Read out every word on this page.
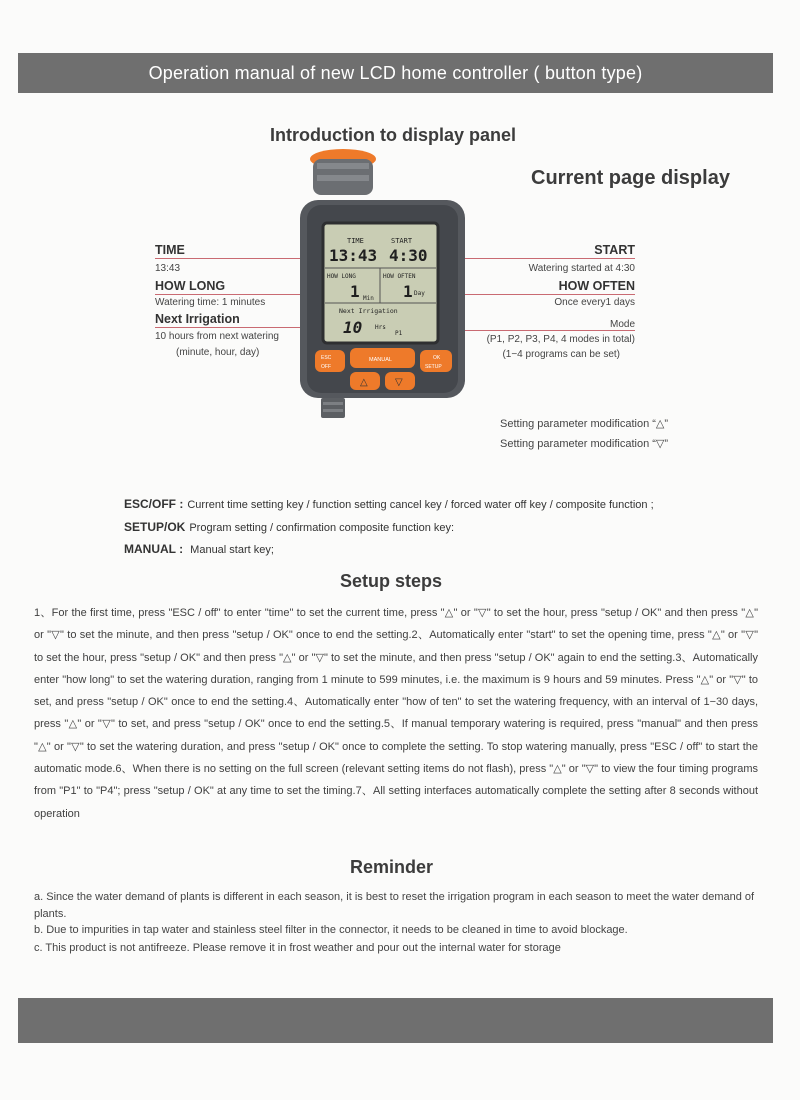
Operation manual of new LCD home controller ( button type)
Introduction to display panel
Current page display
TIME
13:43
HOW LONG
Watering time: 1 minutes
Next Irrigation
10 hours from next watering
(minute, hour, day)
START
Watering started at 4:30
HOW OFTEN
Once every1 days
Mode
(P1, P2, P3, P4, 4 modes in total)
(1−4 programs can be set)
TIME	START
13:43 4:30
HOW LONG	HOW OFTEN
1 Min 1 Day
Next Irrigation
10 Hrs
P1
ESC
OFF
MANUAL	OK
SETUP
△	▽
Setting parameter modification “△”
Setting parameter modification “▽”
ESC/OFF : Current time setting key / function setting cancel key / forced water off key / composite function ;
SETUP/OK Program setting / confirmation composite function key:
MANUAL : Manual start key;
Setup steps
1、For the first time, press "ESC / off" to enter "time" to set the current time, press "△" or "▽" to set the hour, press "setup / OK" and then press "△" or "▽" to set the minute, and then press "setup / OK" once to end the setting.2、Automatically enter "start" to set the opening time, press "△" or "▽" to set the hour, press "setup / OK" and then press "△" or "▽" to set the minute, and then press "setup / OK" again to end the setting.3、Automatically enter "how long" to set the watering duration, ranging from 1 minute to 599 minutes, i.e. the maximum is 9 hours and 59 minutes. Press "△" or "▽" to set, and press "setup / OK" once to end the setting.4、Automatically enter "how of ten" to set the watering frequency, with an interval of 1−30 days, press "△" or "▽" to set, and press "setup / OK" once to end the setting.5、If manual temporary watering is required, press "manual" and then press "△" or "▽" to set the watering duration, and press "setup / OK" once to complete the setting. To stop watering manually, press "ESC / off" to start the automatic mode.6、When there is no setting on the full screen (relevant setting items do not flash), press "△" or "▽" to view the four timing programs from "P1" to "P4"; press "setup / OK" at any time to set the timing.7、All setting interfaces automatically complete the setting after 8 seconds without operation
Reminder
a. Since the water demand of plants is different in each season, it is best to reset the irrigation program in each season to meet the water demand of plants.
b. Due to impurities in tap water and stainless steel filter in the connector, it needs to be cleaned in time to avoid blockage.
c. This product is not antifreeze. Please remove it in frost weather and pour out the internal water for storage
